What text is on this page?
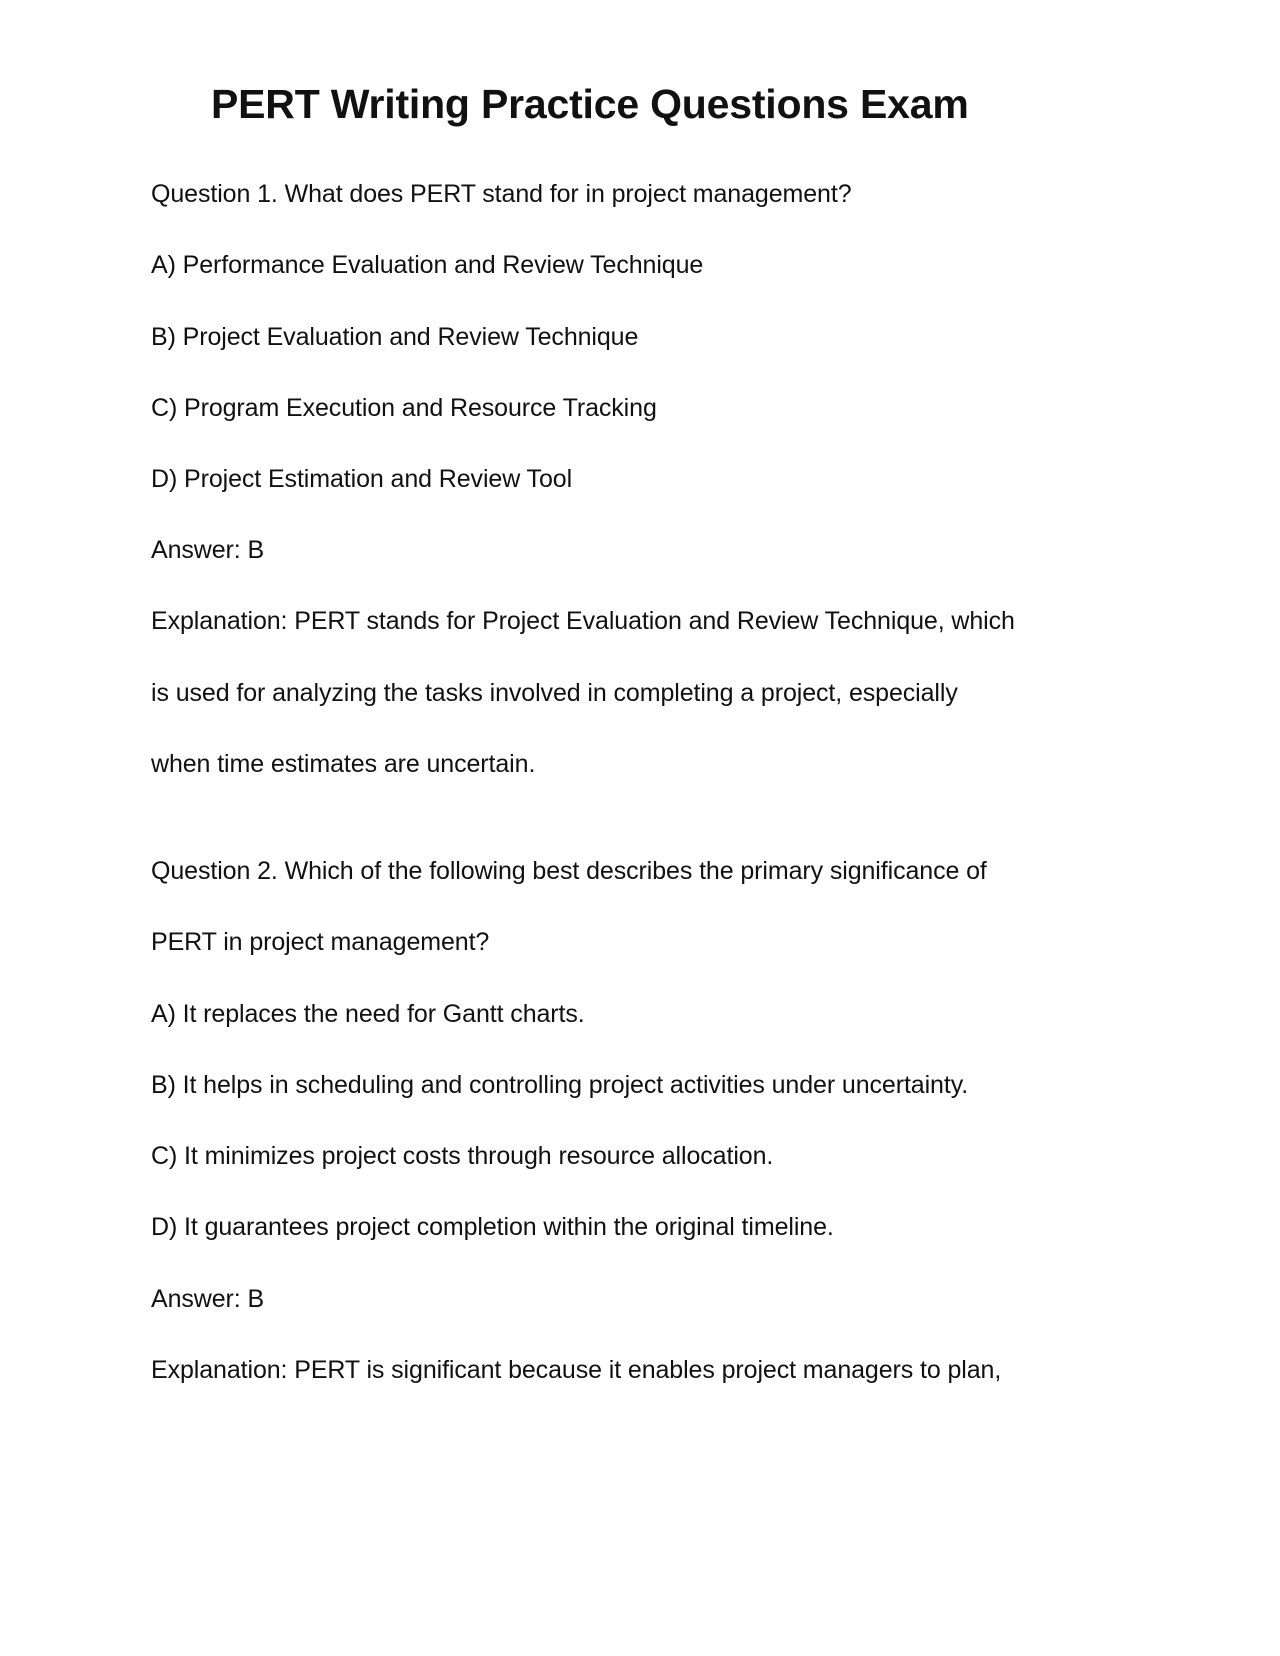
PERT Writing Practice Questions Exam

Question 1. What does PERT stand for in project management?

A) Performance Evaluation and Review Technique

B) Project Evaluation and Review Technique

C) Program Execution and Resource Tracking

D) Project Estimation and Review Tool

Answer: B

Explanation: PERT stands for Project Evaluation and Review Technique, which

is used for analyzing the tasks involved in completing a project, especially

when time estimates are uncertain.

Question 2. Which of the following best describes the primary significance of

PERT in project management?

A) It replaces the need for Gantt charts.

B) It helps in scheduling and controlling project activities under uncertainty.

C) It minimizes project costs through resource allocation.

D) It guarantees project completion within the original timeline.

Answer: B

Explanation: PERT is significant because it enables project managers to plan,
